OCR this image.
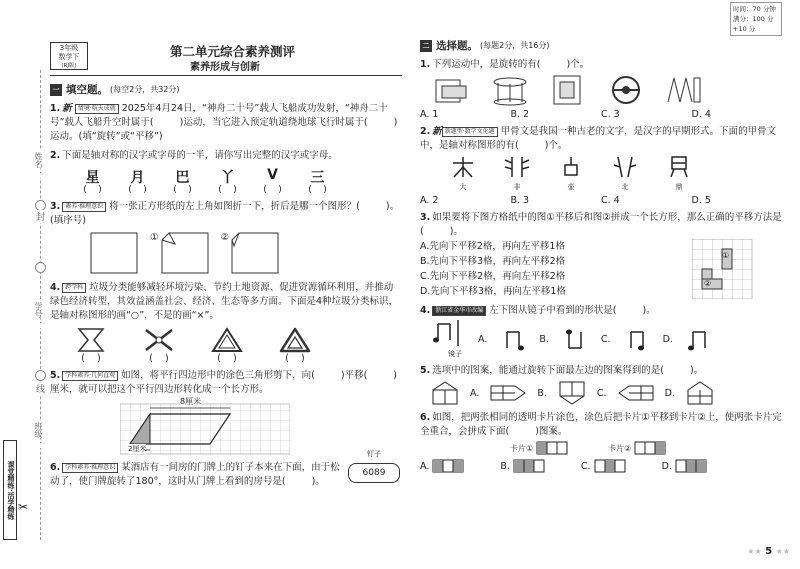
姓名：
封
学号：
线
班级：
课堂精练·活学精练 ✂
3年级
数学下
(RJ版)
第二单元综合素养测评
素养形成与创新
一 填空题。 (每空2分，共32分)
1. 新 情境·航天成就 2025年4月24日，“神舟二十号”载人飞船成功发射，“神舟二十号”载人飞船升空时属于(	)运动，当它进入预定轨道绕地球飞行时属于(	)运动。(填“旋转”或“平移”)
2. 下面是轴对称的汉字或字母的一半，请你写出完整的汉字或字母。
星
(    )
月
(    )
巴
(    )
丫
(    )
V
(    )
三
(    )
3. 素养·推理意识 将一张正方形纸的左上角如图折一下，折后是哪一个图形？(	)。(填序号)
①	②
4. 跨学科 垃圾分类能够减轻环境污染、节约土地资源、促进资源循环利用，并推动绿色经济转型，其效益涵盖社会、经济、生态等多方面。下面是4种垃圾分类标识，是轴对称图形的画“○”，不是的画“×”。
(    )	(    )	(    )	(    )
5. 学科素养·几何直观 如图，将平行四边形中的涂色三角形剪下，向(	)平移(	)厘米，就可以把这个平行四边形转化成一个长方形。
8厘米
2厘米
6. 学科素养·推理意识 某酒店有一间房的门牌上的钉子本来在下面，由于松动了，使门牌旋转了180°，这时从门牌上看到的房号是(	)。
钉子
6089
时间：70 分钟
满分：100 分 +10 分
二 选择题。 (每题2分，共16分)
1. 下列运动中，是旋转的有(	)个。
A. 1	B. 2	C. 3	D. 4
2. 新 新题型·数学文化题 甲骨文是我国一种古老的文字，是汉字的早期形式。下面的甲骨文中，是轴对称图形的有(	)个。
大	非	壶	北	鼎
A. 2	B. 3	C. 4	D. 5
3. 如果要将下图方格纸中的图①平移后和图②拼成一个长方形，那么正确的平移方法是(	)。
A.先向下平移2格，再向左平移1格
B.先向下平移3格，再向左平移2格
C.先向下平移2格，再向左平移2格
D.先向下平移3格，再向左平移1格
①
②
4. 浙江省金华市改编 左下图从镜子中看到的形状是(	)。
镜子
A.	B.	C.	D.
5. 选项中的图案，能通过旋转下面最左边的图案得到的是(	)。
A.	B.	C.	D.
6. 如图，把两张相同的透明卡片涂色，涂色后把卡片①平移到卡片②上，使两张卡片完全重合，会拼成下面(	)图案。
卡片①	卡片②
A.	B.	C.	D.
★★ 5 ★★
